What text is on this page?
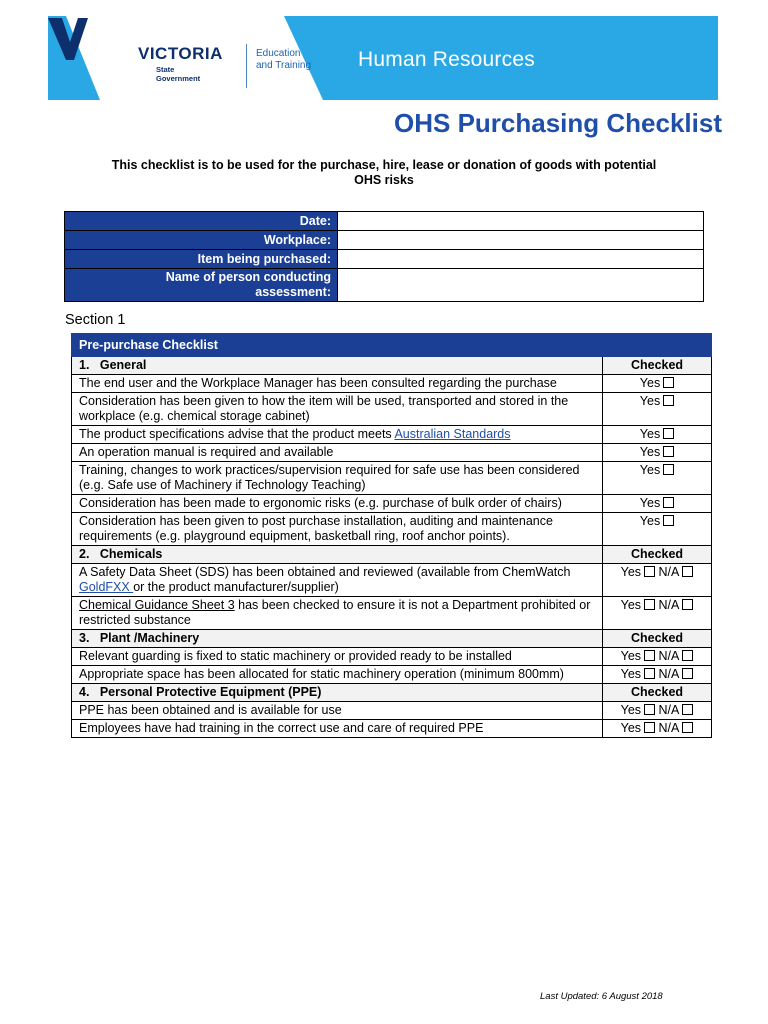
VICTORIA
State
Government
Education
and Training Human Resources
OHS Purchasing Checklist
This checklist is to be used for the purchase, hire, lease or donation of goods with potential
OHS risks
Date:	
Workplace:	
Item being purchased:	

Name of person conducting
assessment:	

Section 1
Pre-purchase Checklist	
1.   General	Checked
The end user and the Workplace Manager has been consulted regarding the purchase	Yes
Consideration has been given to how the item will be used, transported and stored in the workplace (e.g. chemical storage cabinet)	Yes
The product specifications advise that the product meets Australian Standards	Yes
An operation manual is required and available	Yes
Training, changes to work practices/supervision required for safe use has been considered (e.g. Safe use of Machinery if Technology Teaching)	Yes
Consideration has been made to ergonomic risks (e.g. purchase of bulk order of chairs)	Yes
Consideration has been given to post purchase installation, auditing and maintenance requirements (e.g. playground equipment, basketball ring, roof anchor points).	Yes
2.   Chemicals	Checked
A Safety Data Sheet (SDS) has been obtained and reviewed (available from ChemWatch GoldFXX or the product manufacturer/supplier)	Yes N/A
Chemical Guidance Sheet 3 has been checked to ensure it is not a Department prohibited or restricted substance	Yes N/A
3.   Plant /Machinery	Checked
Relevant guarding is fixed to static machinery or provided ready to be installed	Yes N/A
Appropriate space has been allocated for static machinery operation (minimum 800mm)	Yes N/A
4.   Personal Protective Equipment (PPE)	Checked
PPE has been obtained and is available for use	Yes N/A
Employees have had training in the correct use and care of required PPE	Yes N/A
Last Updated: 6 August 2018
